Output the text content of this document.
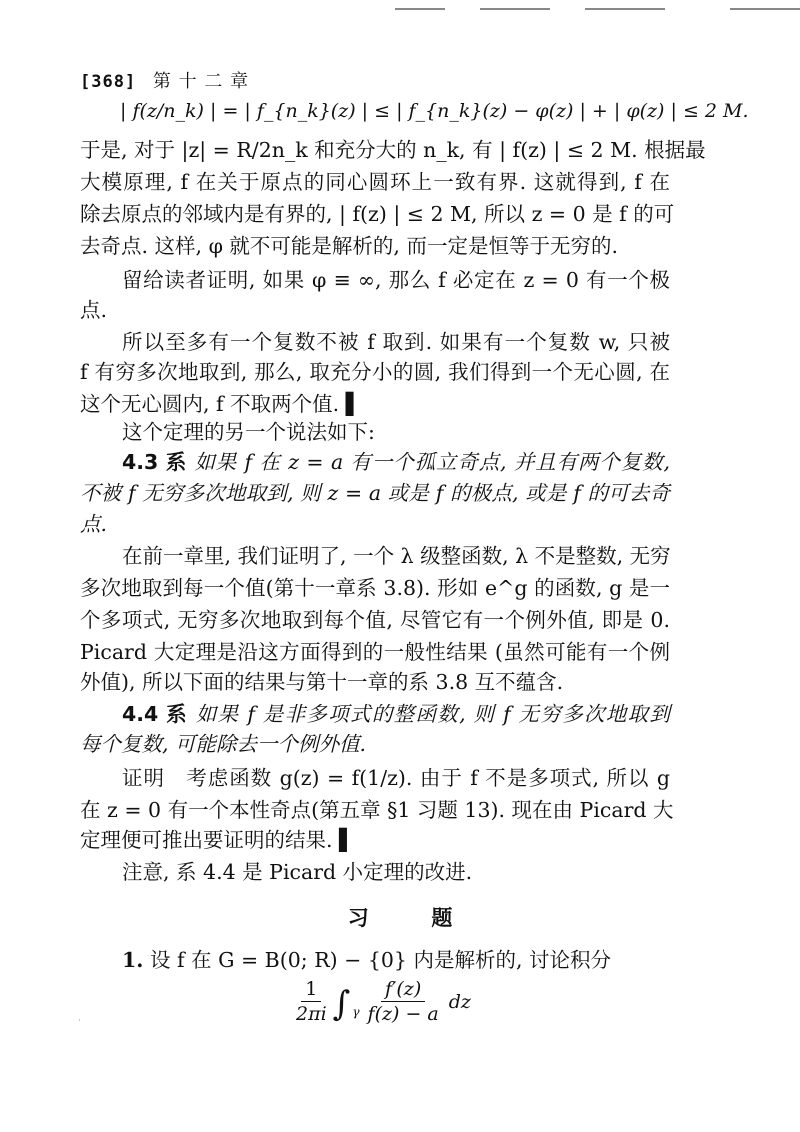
[368] 第 十 二 章
| f(z/n_k) | = | f_{n_k}(z) | ≤ | f_{n_k}(z) − φ(z) | + | φ(z) | ≤ 2 M.
于是, 对于 |z| = R/2n_k 和充分大的 n_k, 有 | f(z) | ≤ 2 M. 根据最
大模原理, f 在关于原点的同心圆环上一致有界. 这就得到, f 在
除去原点的邻域内是有界的, | f(z) | ≤ 2 M, 所以 z = 0 是 f 的可
去奇点. 这样, φ 就不可能是解析的, 而一定是恒等于无穷的.
留给读者证明, 如果 φ ≡ ∞, 那么 f 必定在 z = 0 有一个极
点.
所以至多有一个复数不被 f 取到. 如果有一个复数 w, 只被
f 有穷多次地取到, 那么, 取充分小的圆, 我们得到一个无心圆, 在
这个无心圆内, f 不取两个值. ▌
这个定理的另一个说法如下:
4.3 系 如果 f 在 z = a 有一个孤立奇点, 并且有两个复数,
不被 f 无穷多次地取到, 则 z = a 或是 f 的极点, 或是 f 的可去奇
点.
在前一章里, 我们证明了, 一个 λ 级整函数, λ 不是整数, 无穷
多次地取到每一个值(第十一章系 3.8). 形如 e^g 的函数, g 是一
个多项式, 无穷多次地取到每个值, 尽管它有一个例外值, 即是 0.
Picard 大定理是沿这方面得到的一般性结果 (虽然可能有一个例
外值), 所以下面的结果与第十一章的系 3.8 互不蕴含.
4.4 系 如果 f 是非多项式的整函数, 则 f 无穷多次地取到
每个复数, 可能除去一个例外值.
证明　考虑函数 g(z) = f(1/z). 由于 f 不是多项式, 所以 g
在 z = 0 有一个本性奇点(第五章 §1 习题 13). 现在由 Picard 大
定理便可推出要证明的结果. ▌
注意, 系 4.4 是 Picard 小定理的改进.
习	题
1. 设 f 在 G = B(0; R) − {0} 内是解析的, 讨论积分
$\frac{1}{2\pi i}$ ∫ γ $\frac{f'(z)}{f(z) - a}$ dz
·
